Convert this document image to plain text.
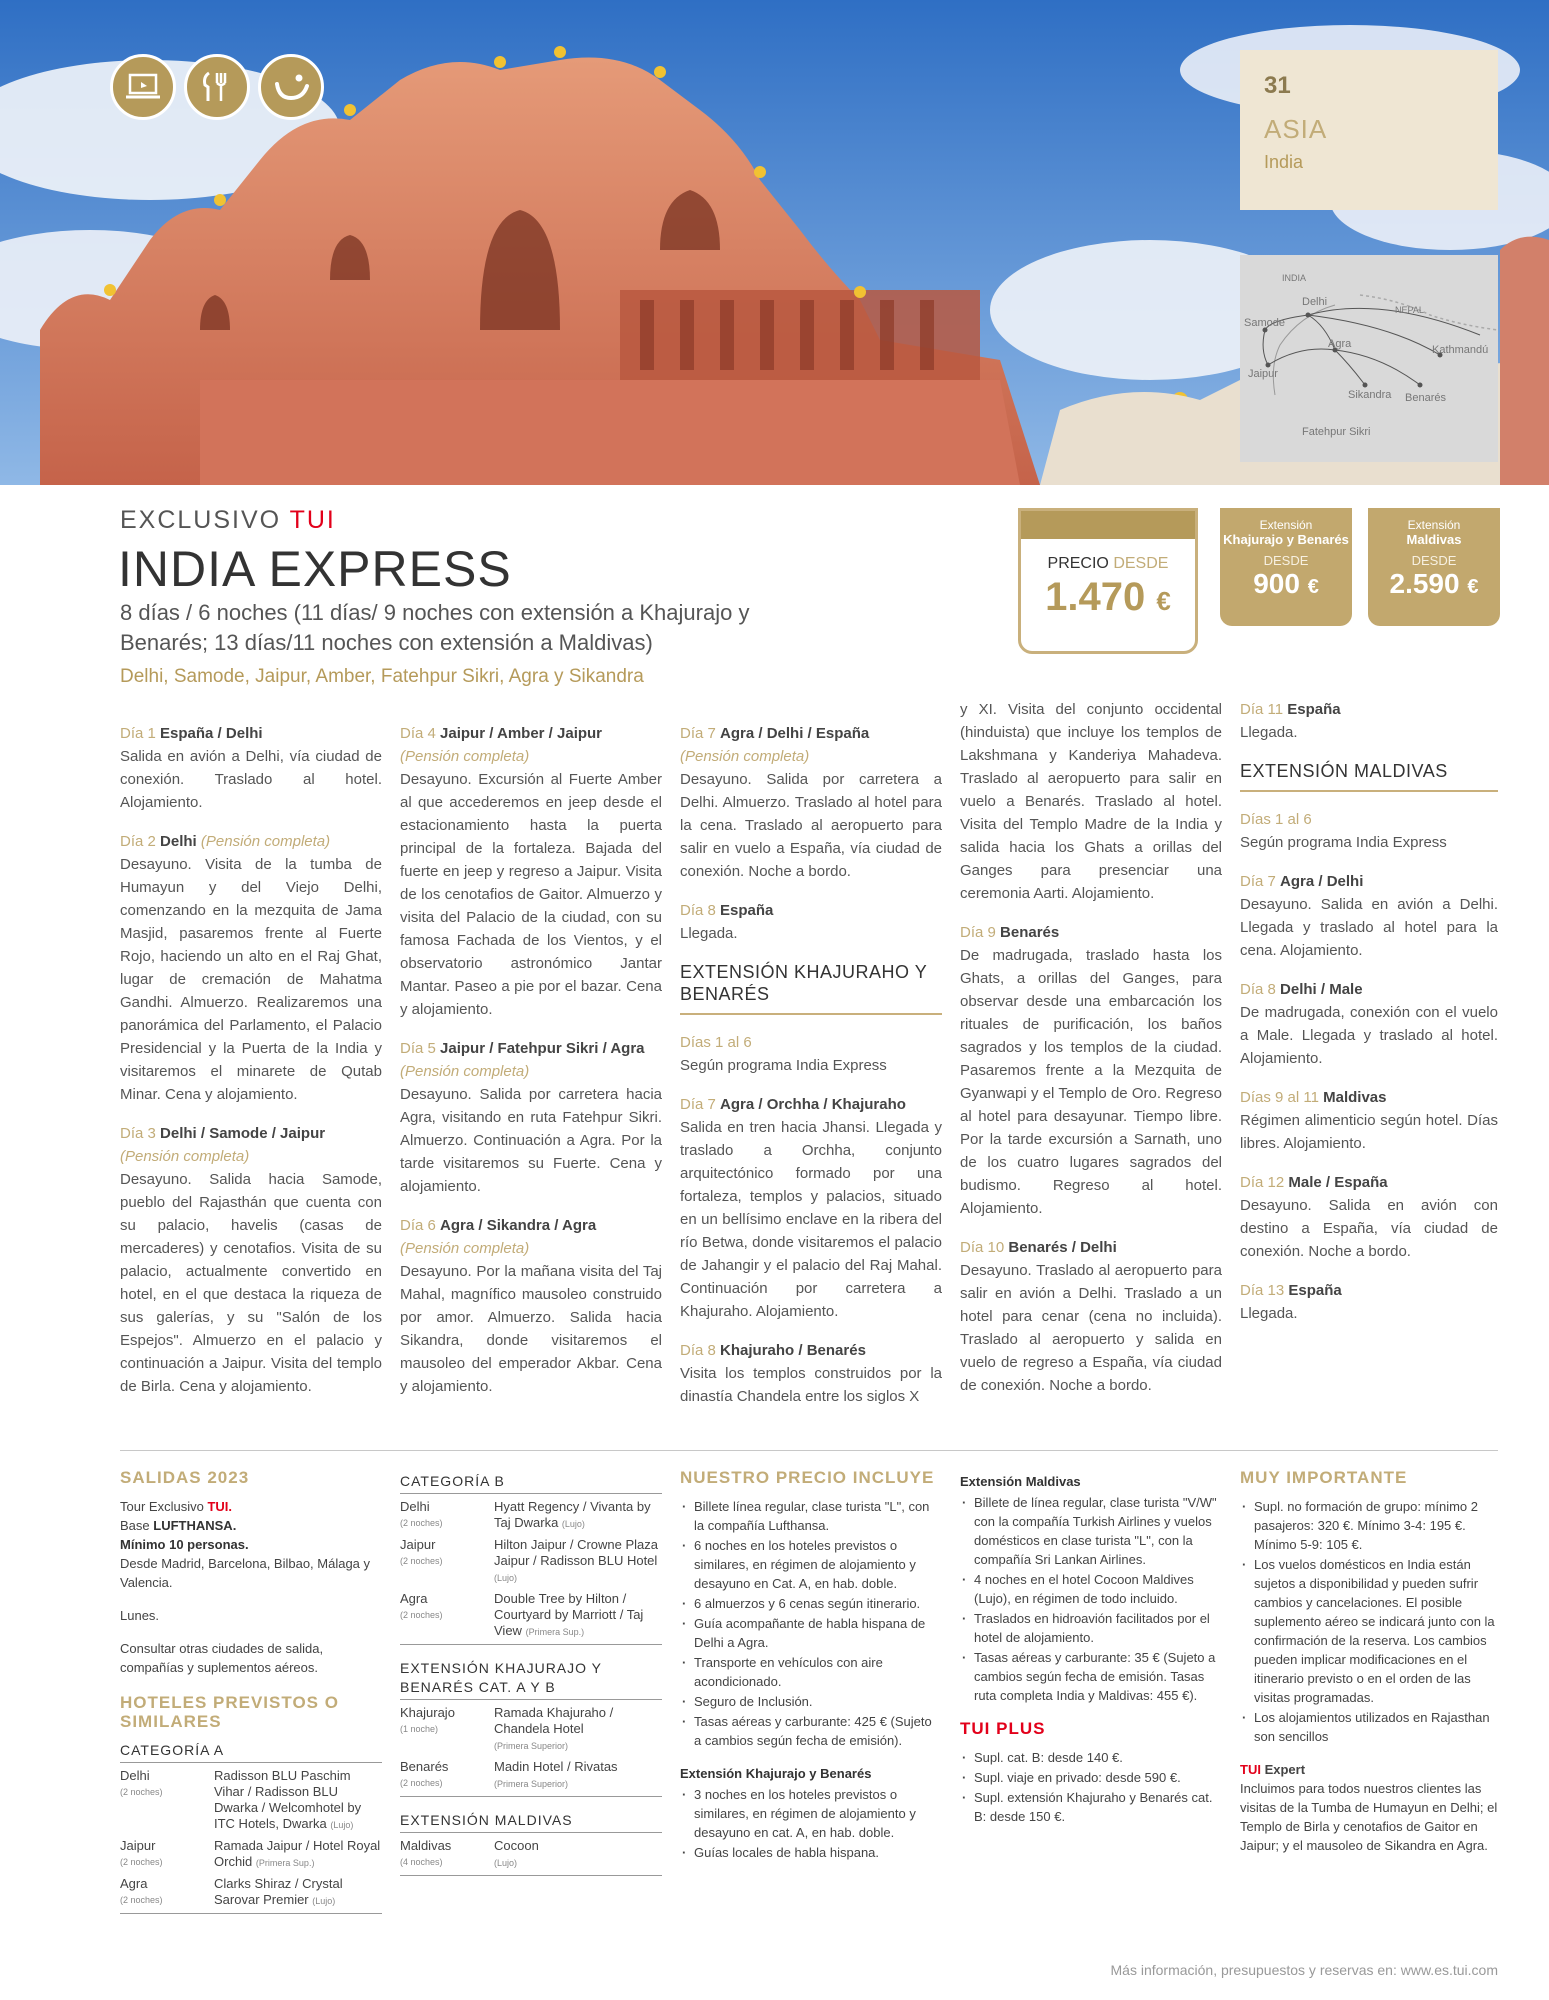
31
ASIA
India
INDIA
Delhi
NEPAL
Samode
Agra	Kathmandú
Jaipur
Sikandra Benarés
Fatehpur Sikri
EXCLUSIVO TUI
INDIA EXPRESS
8 días / 6 noches (11 días/ 9 noches con extensión a Khajurajo y Benarés; 13 días/11 noches con extensión a Maldivas)
Delhi, Samode, Jaipur, Amber, Fatehpur Sikri, Agra y Sikandra
PRECIO DESDE
1.470 €
Extensión
Khajurajo y Benarés
DESDE
900 €
Extensión
Maldivas
DESDE
2.590 €
Día 1 España / Delhi
Salida en avión a Delhi, vía ciudad de conexión. Traslado al hotel. Alojamiento.
Día 2 Delhi (Pensión completa)
Desayuno. Visita de la tumba de Humayun y del Viejo Delhi, comenzando en la mezquita de Jama Masjid, pasaremos frente al Fuerte Rojo, haciendo un alto en el Raj Ghat, lugar de cremación de Mahatma Gandhi. Almuerzo. Realizaremos una panorámica del Parlamento, el Palacio Presidencial y la Puerta de la India y visitaremos el minarete de Qutab Minar. Cena y alojamiento.
Día 3 Delhi / Samode / Jaipur
(Pensión completa)
Desayuno. Salida hacia Samode, pueblo del Rajasthán que cuenta con su palacio, havelis (casas de mercaderes) y cenotafios. Visita de su palacio, actualmente convertido en hotel, en el que destaca la riqueza de sus galerías, y su "Salón de los Espejos". Almuerzo en el palacio y continuación a Jaipur. Visita del templo de Birla. Cena y alojamiento.
Día 4 Jaipur / Amber / Jaipur
(Pensión completa)
Desayuno. Excursión al Fuerte Amber al que accederemos en jeep desde el estacionamiento hasta la puerta principal de la fortaleza. Bajada del fuerte en jeep y regreso a Jaipur. Visita de los cenotafios de Gaitor. Almuerzo y visita del Palacio de la ciudad, con su famosa Fachada de los Vientos, y el observatorio astronómico Jantar Mantar. Paseo a pie por el bazar. Cena y alojamiento.
Día 5 Jaipur / Fatehpur Sikri / Agra
(Pensión completa)
Desayuno. Salida por carretera hacia Agra, visitando en ruta Fatehpur Sikri. Almuerzo. Continuación a Agra. Por la tarde visitaremos su Fuerte. Cena y alojamiento.
Día 6 Agra / Sikandra / Agra
(Pensión completa)
Desayuno. Por la mañana visita del Taj Mahal, magnífico mausoleo construido por amor. Almuerzo. Salida hacia Sikandra, donde visitaremos el mausoleo del emperador Akbar. Cena y alojamiento.
Día 7 Agra / Delhi / España
(Pensión completa)
Desayuno. Salida por carretera a Delhi. Almuerzo. Traslado al hotel para la cena. Traslado al aeropuerto para salir en vuelo a España, vía ciudad de conexión. Noche a bordo.
Día 8 España
Llegada.
EXTENSIÓN KHAJURAHO Y BENARÉS
Días 1 al 6
Según programa India Express
Día 7 Agra / Orchha / Khajuraho
Salida en tren hacia Jhansi. Llegada y traslado a Orchha, conjunto arquitectónico formado por una fortaleza, templos y palacios, situado en un bellísimo enclave en la ribera del río Betwa, donde visitaremos el palacio de Jahangir y el palacio del Raj Mahal. Continuación por carretera a Khajuraho. Alojamiento.
Día 8 Khajuraho / Benarés
Visita los templos construidos por la dinastía Chandela entre los siglos X
y XI. Visita del conjunto occidental (hinduista) que incluye los templos de Lakshmana y Kanderiya Mahadeva. Traslado al aeropuerto para salir en vuelo a Benarés. Traslado al hotel. Visita del Templo Madre de la India y salida hacia los Ghats a orillas del Ganges para presenciar una ceremonia Aarti. Alojamiento.
Día 9 Benarés
De madrugada, traslado hasta los Ghats, a orillas del Ganges, para observar desde una embarcación los rituales de purificación, los baños sagrados y los templos de la ciudad. Pasaremos frente a la Mezquita de Gyanwapi y el Templo de Oro. Regreso al hotel para desayunar. Tiempo libre. Por la tarde excursión a Sarnath, uno de los cuatro lugares sagrados del budismo. Regreso al hotel. Alojamiento.
Día 10 Benarés / Delhi
Desayuno. Traslado al aeropuerto para salir en avión a Delhi. Traslado a un hotel para cenar (cena no incluida). Traslado al aeropuerto y salida en vuelo de regreso a España, vía ciudad de conexión. Noche a bordo.
Día 11 España
Llegada.
EXTENSIÓN MALDIVAS
Días 1 al 6
Según programa India Express
Día 7 Agra / Delhi
Desayuno. Salida en avión a Delhi. Llegada y traslado al hotel para la cena. Alojamiento.
Día 8 Delhi / Male
De madrugada, conexión con el vuelo a Male. Llegada y traslado al hotel. Alojamiento.
Días 9 al 11 Maldivas
Régimen alimenticio según hotel. Días libres. Alojamiento.
Día 12 Male / España
Desayuno. Salida en avión con destino a España, vía ciudad de conexión. Noche a bordo.
Día 13 España
Llegada.
SALIDAS 2023
Tour Exclusivo TUI.
Base LUFTHANSA.
Mínimo 10 personas.
Desde Madrid, Barcelona, Bilbao, Málaga y Valencia.
Lunes.
Consultar otras ciudades de salida, compañías y suplementos aéreos.
HOTELES PREVISTOS O SIMILARES
CATEGORÍA A
Delhi
(2 noches)	Radisson BLU Paschim Vihar / Radisson BLU Dwarka / Welcomhotel by ITC Hotels, Dwarka (Lujo)
Jaipur
(2 noches)	Ramada Jaipur / Hotel Royal Orchid (Primera Sup.)
Agra
(2 noches)	Clarks Shiraz / Crystal Sarovar Premier (Lujo)
CATEGORÍA B
Delhi
(2 noches)	Hyatt Regency / Vivanta by Taj Dwarka (Lujo)
Jaipur
(2 noches)	Hilton Jaipur / Crowne Plaza Jaipur / Radisson BLU Hotel (Lujo)
Agra
(2 noches)	Double Tree by Hilton / Courtyard by Marriott / Taj View (Primera Sup.)
EXTENSIÓN KHAJURAJO Y BENARÉS CAT. A Y B
Khajurajo
(1 noche)	Ramada Khajuraho / Chandela Hotel
(Primera Superior)
Benarés
(2 noches)	Madin Hotel / Rivatas
(Primera Superior)
EXTENSIÓN MALDIVAS
Maldivas
(4 noches)
	Cocoon
(Lujo)
NUESTRO PRECIO INCLUYE
· Billete línea regular, clase turista "L", con la compañía Lufthansa.
· 6 noches en los hoteles previstos o similares, en régimen de alojamiento y desayuno en Cat. A, en hab. doble.
· 6 almuerzos y 6 cenas según itinerario.
· Guía acompañante de habla hispana de Delhi a Agra.
· Transporte en vehículos con aire acondicionado.
· Seguro de Inclusión.
· Tasas aéreas y carburante: 425 € (Sujeto a cambios según fecha de emisión).
Extensión Khajurajo y Benarés
· 3 noches en los hoteles previstos o similares, en régimen de alojamiento y desayuno en cat. A, en hab. doble.
· Guías locales de habla hispana.
Extensión Maldivas
· Billete de línea regular, clase turista "V/W" con la compañía Turkish Airlines y vuelos domésticos en clase turista "L", con la compañía Sri Lankan Airlines.
· 4 noches en el hotel Cocoon Maldives (Lujo), en régimen de todo incluido.
· Traslados en hidroavión facilitados por el hotel de alojamiento.
· Tasas aéreas y carburante: 35 € (Sujeto a cambios según fecha de emisión. Tasas ruta completa India y Maldivas: 455 €).
TUI PLUS
· Supl. cat. B: desde 140 €.
· Supl. viaje en privado: desde 590 €.
· Supl. extensión Khajuraho y Benarés cat. B: desde 150 €.
MUY IMPORTANTE
· Supl. no formación de grupo: mínimo 2 pasajeros: 320 €. Mínimo 3-4: 195 €. Mínimo 5-9: 105 €.
· Los vuelos domésticos en India están sujetos a disponibilidad y pueden sufrir cambios y cancelaciones. El posible suplemento aéreo se indicará junto con la confirmación de la reserva. Los cambios pueden implicar modificaciones en el itinerario previsto o en el orden de las visitas programadas.
· Los alojamientos utilizados en Rajasthan son sencillos
TUI Expert
Incluimos para todos nuestros clientes las visitas de la Tumba de Humayun en Delhi; el Templo de Birla y cenotafios de Gaitor en Jaipur; y el mausoleo de Sikandra en Agra.
Más información, presupuestos y reservas en: www.es.tui.com
